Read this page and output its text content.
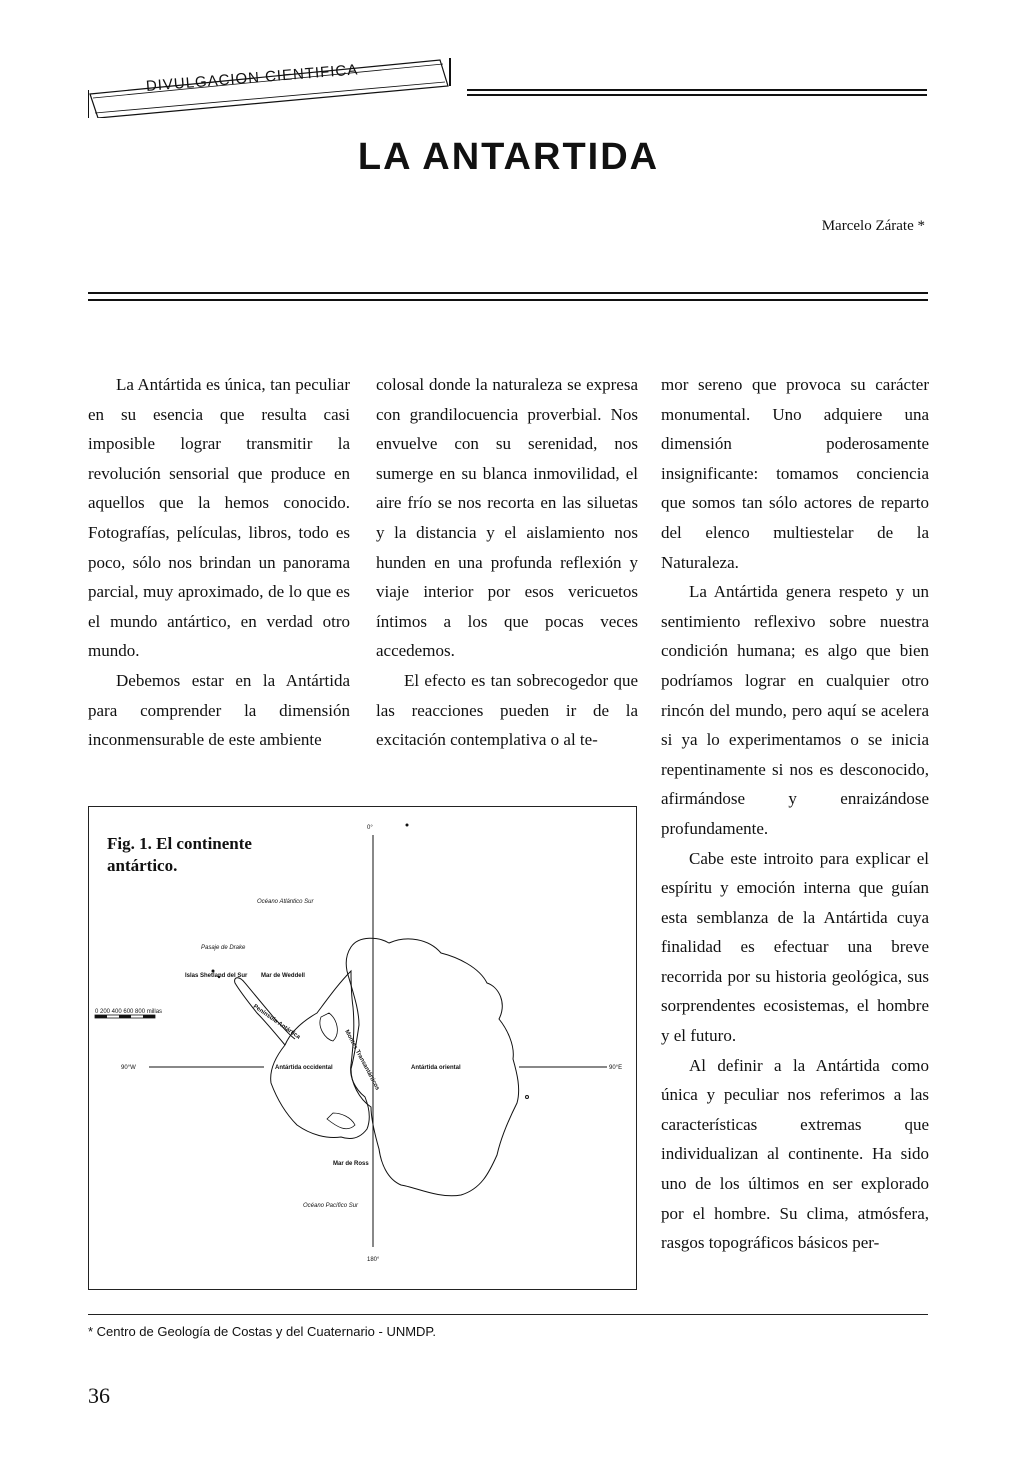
DIVULGACION CIENTIFICA
LA ANTARTIDA
Marcelo Zárate *

La Antártida es única, tan peculiar en su esencia que resulta casi imposible lograr transmitir la revolución sensorial que produce en aquellos que la hemos conocido. Fotografías, películas, libros, todo es poco, sólo nos brindan un panorama parcial, muy aproximado, de lo que es el mundo antártico, en verdad otro mundo.

Debemos estar en la Antártida para comprender la dimensión inconmensurable de este ambiente

colosal donde la naturaleza se expresa con grandilocuencia proverbial. Nos envuelve con su serenidad, nos sumerge en su blanca inmovilidad, el aire frío se nos recorta en las siluetas y la distancia y el aislamiento nos hunden en una profunda reflexión y viaje interior por esos vericuetos íntimos a los que pocas veces accedemos.

El efecto es tan sobrecogedor que las reacciones pueden ir de la excitación contemplativa o al te-

mor sereno que provoca su carácter monumental. Uno adquiere una dimensión poderosamente insignificante: tomamos conciencia que somos tan sólo actores de reparto del elenco multiestelar de la Naturaleza.

La Antártida genera respeto y un sentimiento reflexivo sobre nuestra condición humana; es algo que bien podríamos lograr en cualquier otro rincón del mundo, pero aquí se acelera si ya lo experimentamos o se inicia repentinamente si nos es desconocido, afirmándose y enraizándose profundamente.

Cabe este introito para explicar el espíritu y emoción interna que guían esta semblanza de la Antártida cuya finalidad es efectuar una breve recorrida por su historia geológica, sus sorprendentes ecosistemas, el hombre y el futuro.

Al definir a la Antártida como única y peculiar nos referimos a las características extremas que individualizan al continente. Ha sido uno de los últimos en ser explorado por el hombre. Su clima, atmósfera, rasgos topográficos básicos per-

Fig. 1. El continente antártico.
0 200 400 600 800 millas
0°
180°
90°W	90°E
Océano Atlántico Sur
Océano Pacífico Sur
Pasaje de Drake
Islas Shetland del Sur Mar de Weddell
Península Antártica
Mar de Ross
Antártida occidental	Antártida oriental
Montes Transantárticos
* Centro de Geología de Costas y del Cuaternario - UNMDP.
36
